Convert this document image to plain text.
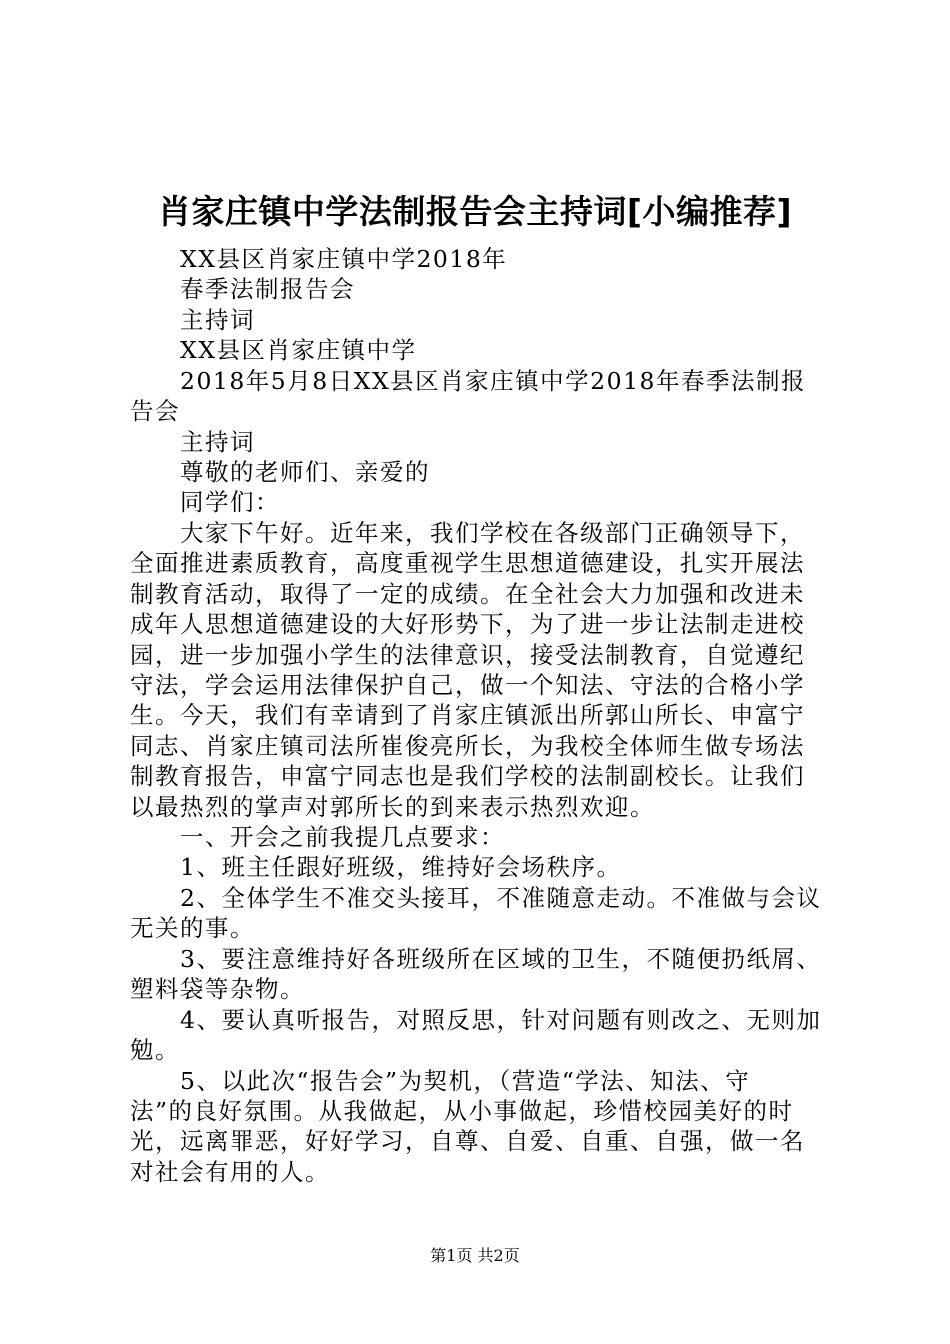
肖家庄镇中学法制报告会主持词[小编推荐]
XX县区肖家庄镇中学2018年
春季法制报告会
主持词
XX县区肖家庄镇中学
2018年5月8日XX县区肖家庄镇中学2018年春季法制报
告会
主持词
尊敬的老师们、亲爱的
同学们：
大家下午好。近年来，我们学校在各级部门正确领导下，
全面推进素质教育，高度重视学生思想道德建设，扎实开展法
制教育活动，取得了一定的成绩。在全社会大力加强和改进未
成年人思想道德建设的大好形势下，为了进一步让法制走进校
园，进一步加强小学生的法律意识，接受法制教育，自觉遵纪
守法，学会运用法律保护自己，做一个知法、守法的合格小学
生。今天，我们有幸请到了肖家庄镇派出所郭山所长、申富宁
同志、肖家庄镇司法所崔俊亮所长，为我校全体师生做专场法
制教育报告，申富宁同志也是我们学校的法制副校长。让我们
以最热烈的掌声对郭所长的到来表示热烈欢迎。
一、开会之前我提几点要求：
1、班主任跟好班级，维持好会场秩序。
2、全体学生不准交头接耳，不准随意走动。不准做与会议
无关的事。
3、要注意维持好各班级所在区域的卫生，不随便扔纸屑、
塑料袋等杂物。
4、要认真听报告，对照反思，针对问题有则改之、无则加
勉。
5、以此次“报告会”为契机，（营造“学法、知法、守
法”的良好氛围。从我做起，从小事做起，珍惜校园美好的时
光，远离罪恶，好好学习，自尊、自爱、自重、自强，做一名
对社会有用的人。
第1页 共2页
